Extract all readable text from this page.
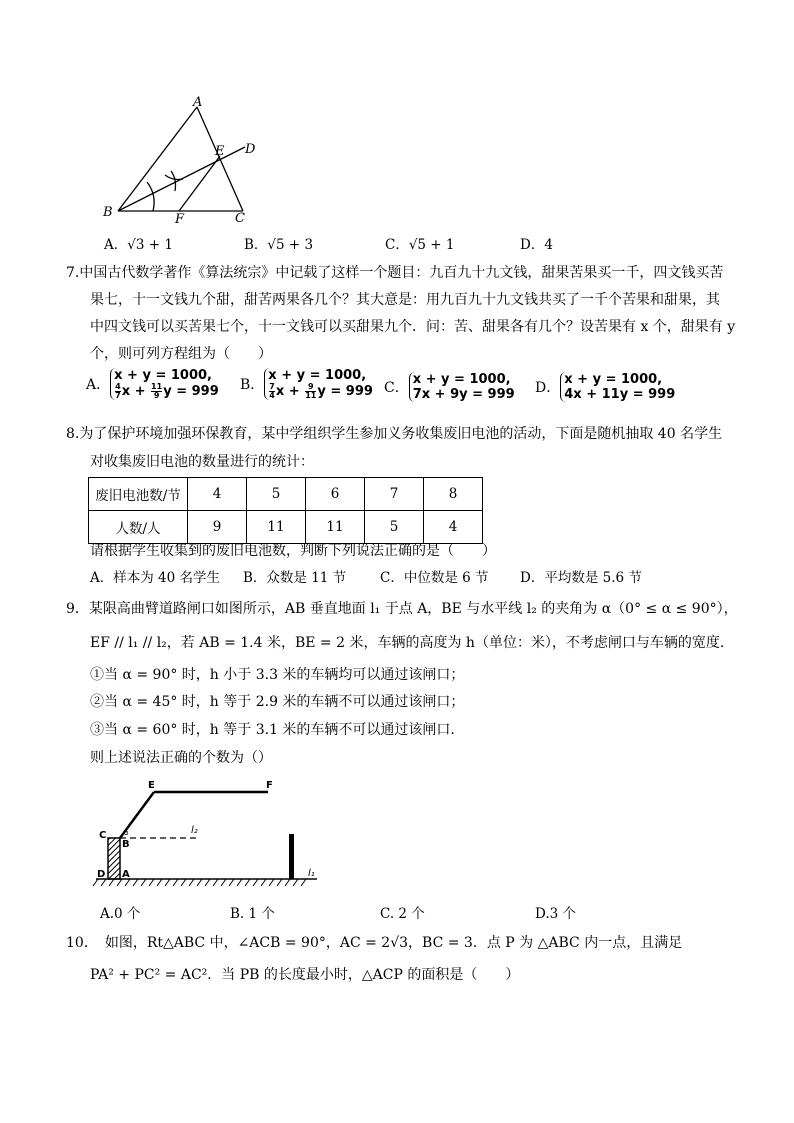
A
B	C
D
E
F
A．√3 + 1	B．√5 + 3	C．√5 + 1	D．4
7.中国古代数学著作《算法统宗》中记载了这样一个题目：九百九十九文钱，甜果苦果买一千，四文钱买苦
果七，十一文钱九个甜，甜苦两果各几个？其大意是：用九百九十九文钱共买了一千个苦果和甜果，其
中四文钱可以买苦果七个，十一文钱可以买甜果九个．问：苦、甜果各有几个？设苦果有 x 个，甜果有 y
个，则可列方程组为（　　）
A．
x + y = 1000,
$\frac{4}{7}$ $x + \frac{11}{9}$ y = 999 B．
x + y = 1000,
$\frac{7}{4}$ $x + \frac{9}{11}$ y = 999 C．
x + y = 1000,
7x + 9y = 999 D．
x + y = 1000,
4x + 11y = 999
8.为了保护环境加强环保教育，某中学组织学生参加义务收集废旧电池的活动，下面是随机抽取 40 名学生
对收集废旧电池的数量进行的统计：
废旧电池数/节	4	5	6	7	8
人数/人	9	11	11	5	4
请根据学生收集到的废旧电池数，判断下列说法正确的是（　　）
A．样本为 40 名学生 B．众数是 11 节	C．中位数是 6 节 D．平均数是 5.6 节
9．某限高曲臂道路闸口如图所示，AB 垂直地面 l₁ 于点 A，BE 与水平线 l₂ 的夹角为 α（0° ≤ α ≤ 90°），
EF // l₁ // l₂，若 AB = 1.4 米，BE = 2 米，车辆的高度为 h（单位：米），不考虑闸口与车辆的宽度.
①当 α = 90° 时，h 小于 3.3 米的车辆均可以通过该闸口；
②当 α = 45° 时，h 等于 2.9 米的车辆不可以通过该闸口；
③当 α = 60° 时，h 等于 3.1 米的车辆不可以通过该闸口.
则上述说法正确的个数为（）
E	F
C
B
D A
l₂
l₁
α
A.0 个	B. 1 个	C. 2 个	D.3 个
10．　如图，Rt△ABC 中，∠ACB = 90°，AC = 2√3，BC = 3．点 P 为 △ABC 内一点，且满足
PA² + PC² = AC²．当 PB 的长度最小时，△ACP 的面积是（　　）
